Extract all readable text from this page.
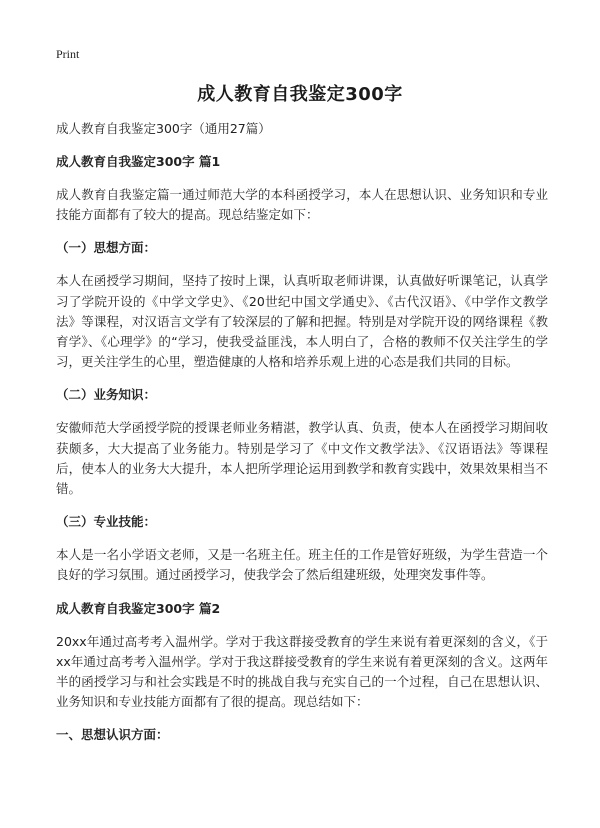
Print
成人教育自我鉴定300字
成人教育自我鉴定300字（通用27篇）
成人教育自我鉴定300字 篇1
成人教育自我鉴定篇一通过师范大学的本科函授学习，本人在思想认识、业务知识和专业技能方面都有了较大的提高。现总结鉴定如下：
（一）思想方面：
本人在函授学习期间，坚持了按时上课，认真听取老师讲课，认真做好听课笔记，认真学习了学院开设的《中学文学史》、《20世纪中国文学通史》、《古代汉语》、《中学作文教学法》等课程，对汉语言文学有了较深层的了解和把握。特别是对学院开设的网络课程《教育学》、《心理学》的“学习，使我受益匪浅，本人明白了，合格的教师不仅关注学生的学习，更关注学生的心里，塑造健康的人格和培养乐观上进的心态是我们共同的目标。
（二）业务知识：
安徽师范大学函授学院的授课老师业务精湛，教学认真、负责，使本人在函授学习期间收获颇多，大大提高了业务能力。特别是学习了《中文作文教学法》、《汉语语法》等课程后，使本人的业务大大提升，本人把所学理论运用到教学和教育实践中，效果效果相当不错。
（三）专业技能：
本人是一名小学语文老师，又是一名班主任。班主任的工作是管好班级，为学生营造一个良好的学习氛围。通过函授学习，使我学会了然后组建班级，处理突发事件等。
成人教育自我鉴定300字 篇2
20xx年通过高考考入温州学。学对于我这群接受教育的学生来说有着更深刻的含义，《于xx年通过高考考入温州学。学对于我这群接受教育的学生来说有着更深刻的含义。这两年半的函授学习与和社会实践是不时的挑战自我与充实自己的一个过程，自己在思想认识、业务知识和专业技能方面都有了很的提高。现总结如下：
一、思想认识方面：
